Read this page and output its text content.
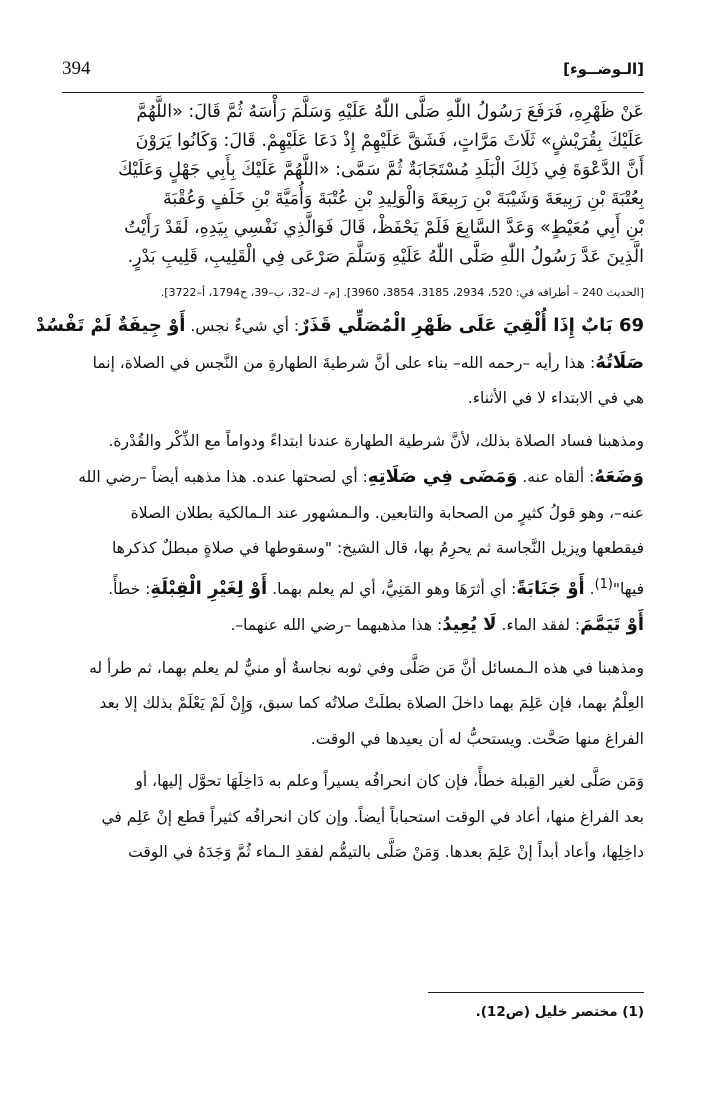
394	[الـوضــوء]
عَنْ ظَهْرِهِ، فَرَفَعَ رَسُولُ اللّٰهِ صَلَّى اللّٰهُ عَلَيْهِ وَسَلَّمَ رَأْسَهُ ثُمَّ قَالَ: «اللَّهُمَّ
عَلَيْكَ بِقُرَيْشٍ» ثَلَاثَ مَرَّاتٍ، فَشَقَّ عَلَيْهِمْ إِذْ دَعَا عَلَيْهِمْ. قَالَ: وَكَانُوا يَرَوْنَ
أَنَّ الدَّعْوَةَ فِي ذَلِكَ الْبَلَدِ مُسْتَجَابَةٌ ثُمَّ سَمَّى: «اللَّهُمَّ عَلَيْكَ بِأَبِي جَهْلٍ وَعَلَيْكَ
بِعُتْبَةَ بْنِ رَبِيعَةَ وَشَيْبَةَ بْنِ رَبِيعَةَ وَالْوَلِيدِ بْنِ عُتْبَةَ وَأُمَيَّةَ بْنِ خَلَفٍ وَعُقْبَةَ
بْنِ أَبِي مُعَيْطٍ» وَعَدَّ السَّابِعَ فَلَمْ يَحْفَظْ، قَالَ فَوَالَّذِي نَفْسِي بِيَدِهِ، لَقَدْ رَأَيْتُ
الَّذِينَ عَدَّ رَسُولُ اللّٰهِ صَلَّى اللّٰهُ عَلَيْهِ وَسَلَّمَ صَرْعَى فِي الْقَلِيبِ، قَلِيبِ بَدْرٍ.
[الحديث 240 – أطرافه في: 520، 2934، 3185، 3854، 3960]. [م– ك–32، ب–39، ح1794، أ–3722].
69 بَابٌ إِذَا أُلْقِيَ عَلَى ظَهْرِ الْمُصَلِّي قَذَرٌ: أي شيءٌ نجس. أَوْ جِيفَةٌ لَمْ تَفْسُدْ
صَلَاتُهُ: هذا رأيه –رحمه الله– بناء على أنَّ شرطيةَ الطهارةِ من النَّجس في الصلاة، إنما
هي في الابتداء لا في الأثناء.
ومذهبنا فساد الصلاة بذلك، لأنَّ شرطية الطهارة عندنا ابتداءً ودواماً مع الذِّكْر والقُدْرة.
وَضَعَهُ: ألقاه عنه. وَمَضَى فِي صَلَاتِهِ: أي لصحتها عنده. هذا مذهبه أيضاً –رضي الله
عنه–، وهو قولُ كثيرٍ من الصحابة والتابعين. والـمشهور عند الـمالكية بطلان الصلاة
فيقطعها ويزيل النَّجاسة ثم يحرِمُ بها، قال الشيخ: "وسقوطها في صلاةٍ مبطلٌ كذكرها
فيها"$^{(1)}$. أَوْ جَنَابَةً: أي أثرَهَا وهو المَنِيُّ، أي لم يعلم بهما. أَوْ لِغَيْرِ الْقِبْلَةِ: خطأً.
أَوْ تَيَمَّمَ: لفقد الماء. لَا يُعِيدُ: هذا مذهبهما –رضي الله عنهما–.
ومذهبنا في هذه الـمسائل أنَّ مَن صَلَّى وفي ثوبه نجاسةٌ أو منيٌّ لم يعلم بهما، ثم طرأ له
العِلْمُ بهما، فإن عَلِمَ بهما داخلَ الصلاة بطلَتْ صلاتُه كما سبق، وَإِنْ لَمْ يَعْلَمْ بذلك إلا بعد
الفراغ منها صَحَّت. ويستحبُّ له أن يعيدها في الوقت.
وَمَن صَلَّى لغير القِبلة خطأً، فإن كان انحرافُه يسيراً وعلم به دَاخِلَهَا تحوَّل إليها، أو
بعد الفراغ منها، أعاد في الوقت استحباباً أيضاً. وإن كان انحرافُه كثيراً قطع إنْ عَلِم في
داخِلِها، وأعاد أبداً إنْ عَلِمَ بعدها. وَمَنْ صَلَّى بالتيمُّم لفقدِ الـماء ثُمَّ وَجَدَهُ في الوقت
(1) مختصر خليل (ص12).
